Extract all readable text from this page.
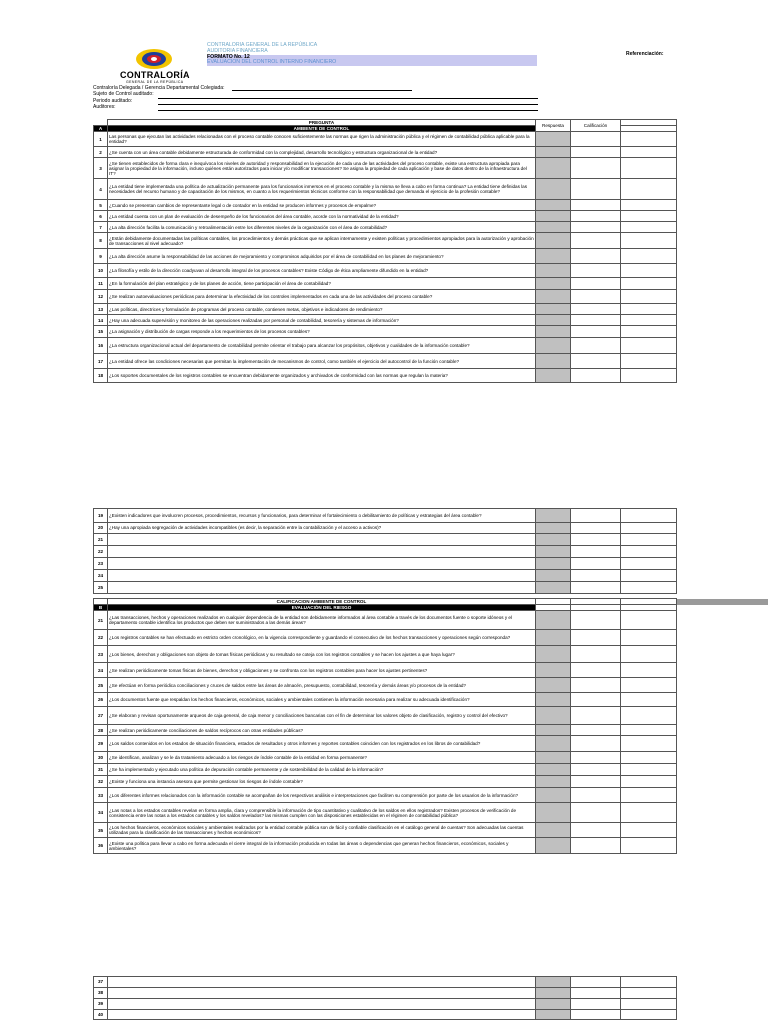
CONTRALORÍA
GENERAL DE LA REPÚBLICA
CONTRALORIA GENERAL DE LA REPÚBLICA
AUDITORIA FINANCIERA
FORMATO No. 12
EVALUACION DEL CONTROL INTERNO FINANCIERO
Referenciación:
Contraloría Delegada / Gerencia Departamental Colegiada:
Sujeto de Control auditado:
Periodo auditado:
Auditores:
	PREGUNTA	Respuesta	Calificación	
A	AMBIENTE DE CONTROL			
1	Las personas que ejecutan las actividades relacionadas con el proceso contable conocen suficientemente las normas que rigen la administración pública y el régimen de contabilidad pública aplicable para la entidad?			
2	¿Se cuenta con un área contable debidamente estructurada de conformidad con la complejidad, desarrollo tecnológico y estructura organizacional de la entidad?			
3	¿Se tienen establecidos de forma clara e inequívoca los niveles de autoridad y responsabilidad en la ejecución de cada una de las actividades del proceso contable, existe una estructura apropiada para asignar la propiedad de la información, incluso quiénes están autorizados para iniciar y/o modificar transacciones? Se asigna la propiedad de cada aplicación y base de datos dentro de la infraestructura del IT?			
4	¿La entidad tiene implementada una política de actualización permanente para los funcionarios inmersos en el proceso contable y la misma se lleva a cabo en forma continua? La entidad tiene definidas las necesidades del recurso humano y de capacitación de los mismos, en cuanto a los requerimientos técnicos conforme con la responsabilidad que demanda el ejercicio de la profesión contable?			
5	¿Cuando se presentan cambios de representante legal o de contador en la entidad se producen informes y procesos de empalme?			
6	¿La entidad cuenta con un plan de evaluación de desempeño de los funcionarios del área contable, acorde con la normatividad de la entidad?			
7	¿La alta dirección facilita la comunicación y retroalimentación entre los diferentes niveles de la organización con el área de contabilidad?			
8	¿Están debidamente documentadas las políticas contables, los procedimientos y demás prácticas que se aplican internamente y existen políticas y procedimientos apropiados para la autorización y aprobación de transacciones al nivel adecuado?			
9	¿La alta dirección asume la responsabilidad de las acciones de mejoramiento y compromisos adquiridos por el área de contabilidad en los planes de mejoramiento?			
10	¿La filosofía y estilo de la dirección coadyuvan al desarrollo integral de los procesos contables? Existe Código de ética ampliamente difundido en la entidad?			
11	¿En la formulación del plan estratégico y de los planes de acción, tiene participación el área de contabilidad?			
12	¿Se realizan autoevaluaciones periódicas para determinar la efectividad de los controles implementados en cada una de las actividades del proceso contable?			
13	¿Las políticas, directrices y formulación de programas del proceso contable, contienen metas, objetivos e indicadores de rendimiento?			
14	¿Hay una adecuada supervisión y monitoreo de las operaciones realizadas por personal de contabilidad, tesorería y sistemas de información?			
15	¿La asignación y distribución de cargas responde a los requerimientos de los procesos contables?			
16	¿La estructura organizacional actual del departamento de contabilidad permite orientar el trabajo para alcanzar los propósitos, objetivos y cualidades de la información contable?			
17	¿La entidad ofrece las condiciones necesarias que permitan la implementación de mecanismos de control, como también el ejercicio del autocontrol de la función contable?			
18	¿Los soportes documentales de los registros contables se encuentran debidamente organizados y archivados de conformidad con las normas que regulan la materia?			
19	¿Existen indicadores que involucren procesos, procedimientos, recursos y funcionarios, para determinar el fortalecimiento o debilitamiento de políticas y estrategias del área contable?			
20	¿Hay una apropiada segregación de actividades incompatibles (es decir, la separación entre la contabilización y el acceso a activos)?			
21				
22				
23				
24				
25				
	CALIFICACION AMBIENTE DE CONTROL			
B	EVALUACIÓN DEL RIESGO			
21	¿Las transacciones, hechos y operaciones realizados en cualquier dependencia de la entidad son debidamente informados al área contable a través de los documentos fuente o soporte idóneos y el departamento contable identifica los productos que deben ser suministrados a las demás áreas?			
22	¿Los registros contables se han efectuado en estricto orden cronológico, en la vigencia correspondiente y guardando el consecutivo de los hechos transacciones y operaciones según corresponda?			
23	¿Los bienes, derechos y obligaciones son objeto de tomas físicas periódicas y su resultado se coteja con los registros contables y se hacen los ajustes a que haya lugar?			
24	¿Se realizan periódicamente tomas físicas de bienes, derechos y obligaciones y se confronta con los registros contables para hacer los ajustes pertinentes?			
25	¿Se efectúan en forma periódica conciliaciones y cruces de saldos entre las áreas de almacén, presupuesto, contabilidad, tesorería y demás áreas y/o procesos de la entidad?			
26	¿Los documentos fuente que respaldan los hechos financieros, económicos, sociales y ambientales contienen la información necesaria para realizar su adecuada identificación?			
27	¿Se elaboran y revisan oportunamente arqueos de caja general, de caja menor y conciliaciones bancarias con el fin de determinar los valores objeto de clasificación, registro y control del efectivo?			
28	¿Se realizan periódicamente conciliaciones de saldos recíprocos con otras entidades públicas?			
29	¿Los saldos contenidos en los estados de situación financiera, estados de resultados y otros informes y reportes contables coinciden con los registrados en los libros de contabilidad?			
30	¿Se identifican, analizan y se le da tratamiento adecuado a los riesgos de índole contable de la entidad en forma permanente?			
31	¿Se ha implementado y ejecutado una política de depuración contable permanente y de sostenibilidad de la calidad de la información?			
32	¿Existe y funciona una instancia asesora que permite gestionar los riesgos de índole contable?			
33	¿Los diferentes informes relacionados con la información contable se acompañan de los respectivos análisis e interpretaciones que faciliten su comprensión por parte de los usuarios de la información?			
34	¿Las notas a los estados contables revelan en forma amplia, clara y comprensible la información de tipo cuantitativo y cualitativo de los saldos en ellos registrados? Existen procesos de verificación de consistencia entre las notas a los estados contables y los saldos revelados? las mismas cumplen con las disposiciones establecidas en el régimen de contabilidad pública?			
35	¿Los hechos financieros, económicos sociales y ambientales realizados por la entidad contable pública son de fácil y confiable clasificación en el catálogo general de cuentas? Son adecuadas las cuentas utilizadas para la clasificación de las transacciones y hechos económicos?			
36	¿Existe una política para llevar a cabo en forma adecuada el cierre integral de la información producida en todas las áreas o dependencias que generan hechos financieros, económicos, sociales y ambientales?			
37				
38				
39				
40				
